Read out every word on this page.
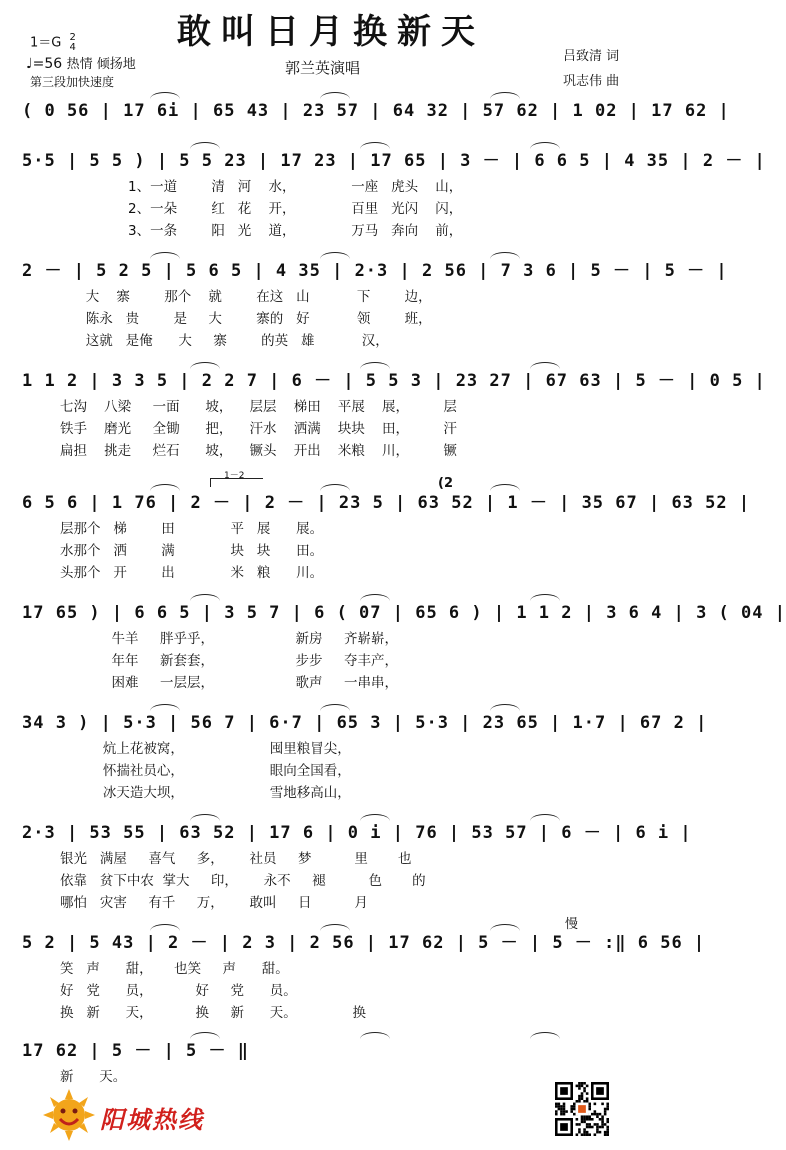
敢叫日月换新天
1＝G 2
4
♩=56 热情 倾扬地
第三段加快速度
郭兰英演唱
吕致清 词
巩志伟 曲
( 0 56 | 17 6i | 65 43 | 23 57 | 64 32 | 57 62 | 1 02 | 17 62 |
5·5 | 5 5 ) | 5 5 23 | 17 23 | 17 65 | 3 － | 6 6 5 | 4 35 | 2 － |
1、一道        清   河    水，             一座   虎头    山，
2、一朵        红   花    开，             百里   光闪    闪，
3、一条        阳   光    道，             万马   奔向    前，
2 － | 5 2 5 | 5 6 5 | 4 35 | 2·3 | 2 56 | 7 3 6 | 5 － | 5 － |
大    寨        那个    就        在这   山           下        边，
陈永   贵        是     大        寨的   好           领        班，
这就   是俺      大     寨        的英   雄           汉，
1 1 2 | 3 3 5 | 2 2 7 | 6 － | 5 5 3 | 23 27 | 67 63 | 5 － | 0 5 |
七沟    八梁     一面      坡，    层层    梯田    平展    展，        层
铁手    磨光     全锄      把，    汗水    洒满    块块    田，        汗
扁担    挑走     烂石      坡，    镢头    开出    米粮    川，        镢
6 5 6 | 1 76 | 2 － | 2 － | 23 5 | 63 52 | 1 － | 35 67 | 63 52 |
层那个   梯        田             平   展      展。
水那个   洒        满             块   块      田。
头那个   开        出             米   粮      川。
17 65 ) | 6 6 5 | 3 5 7 | 6 ( 07 | 65 6 ) | 1 1 2 | 3 6 4 | 3 ( 04 |
牛羊     胖乎乎，                   新房     齐崭崭，
年年     新套套，                   步步     夺丰产，
困难     一层层，                   歌声     一串串，
34 3 ) | 5·3 | 56 7 | 6·7 | 65 3 | 5·3 | 23 65 | 1·7 | 67 2 |
炕上花被窝，                    囤里粮冒尖，
怀揣社员心，                    眼向全国看，
冰天造大坝，                    雪地移高山，
2·3 | 53 55 | 63 52 | 17 6 | 0 i | 76 | 53 57 | 6 － | 6 i |
银光   满屋     喜气     多，      社员     梦          里       也
依靠   贫下中农  掌大     印，      永不     褪          色       的
哪怕   灾害     有千     万，      敢叫     日          月
5 2 | 5 43 | 2 － | 2 3 | 2 56 | 17 62 | 5 － | 5 － :‖ 6 56 |
笑   声      甜，     也笑     声      甜。
好   党      员，          好     党      员。
换   新      天，          换     新      天。             换
17 62 | 5 － | 5 － ‖
新      天。
1－2	(2
慢
阳城热线
